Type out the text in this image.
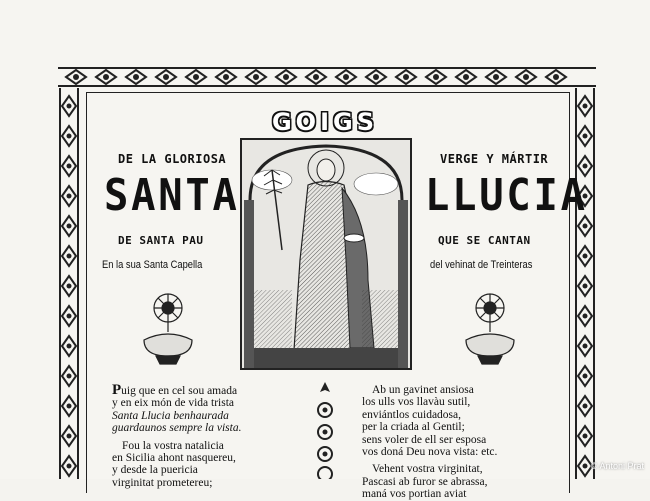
GOIGS
DE LA GLORIOSA
SANTA
DE SANTA PAU
En la sua Santa Capella
VERGE Y MÁRTIR
LLUCIA
QUE SE CANTAN
del vehinat de Treinteras
Puig que en cel sou amada
y en eix món de vida trista
Santa Llucia benhaurada
guardaunos sempre la vista.
Fou la vostra natalicia
en Sicilia ahont nasquereu,
y desde la puericia
virginitat prometereu;
Ab un gavinet ansiosa
los ulls vos llavàu sutil,
enviántlos cuidadosa,
per la criada al Gentil;
sens voler de ell ser esposa
vos doná Deu nova vista: etc.
Vehent vostra virginitat,
Pascasi ab furor se abrassa,
maná vos portian aviat
© Antoni Prat
